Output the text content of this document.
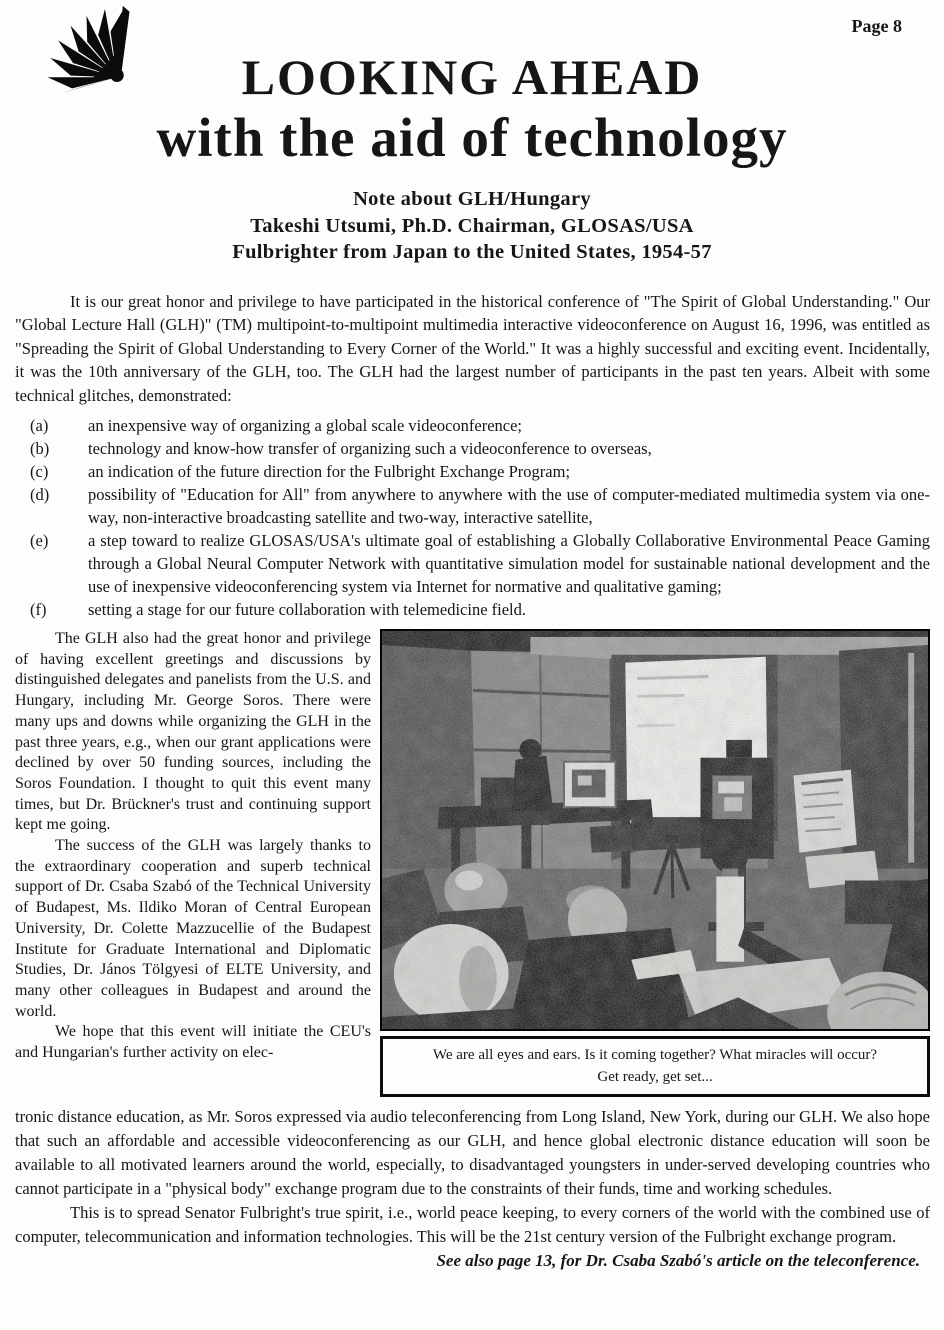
Page 8
LOOKING AHEAD
with the aid of technology
Note about GLH/Hungary
Takeshi Utsumi, Ph.D. Chairman, GLOSAS/USA
Fulbrighter from Japan to the United States, 1954-57

It is our great honor and privilege to have participated in the historical conference of "The Spirit of Global Understanding." Our "Global Lecture Hall (GLH)" (TM) multipoint-to-multipoint multimedia interactive videoconference on August 16, 1996, was entitled as "Spreading the Spirit of Global Understanding to Every Corner of the World." It was a highly successful and exciting event. Incidentally, it was the 10th anniversary of the GLH, too. The GLH had the largest number of participants in the past ten years. Albeit with some technical glitches, demonstrated:

(a)	an inexpensive way of organizing a global scale videoconference;
(b)	technology and know-how transfer of organizing such a videoconference to overseas,
(c)	an indication of the future direction for the Fulbright Exchange Program;
(d)	possibility of "Education for All" from anywhere to anywhere with the use of computer-mediated multimedia system via one-way, non-interactive broadcasting satellite and two-way, interactive satellite,
(e)	a step toward to realize GLOSAS/USA's ultimate goal of establishing a Globally Collaborative Environmental Peace Gaming through a Global Neural Computer Network with quantitative simulation model for sustainable national development and the use of inexpensive videoconferencing system via Internet for normative and qualitative gaming;
(f)	setting a stage for our future collaboration with telemedicine field.

The GLH also had the great honor and privilege of having excellent greetings and discussions by distinguished delegates and panelists from the U.S. and Hungary, including Mr. George Soros. There were many ups and downs while organizing the GLH in the past three years, e.g., when our grant applications were declined by over 50 funding sources, including the Soros Foundation. I thought to quit this event many times, but Dr. Brückner's trust and continuing support kept me going.

The success of the GLH was largely thanks to the extraordinary cooperation and superb technical support of Dr. Csaba Szabó of the Technical University of Budapest, Ms. Ildiko Moran of Central European University, Dr. Colette Mazzucellie of the Budapest Institute for Graduate International and Diplomatic Studies, Dr. János Tölgyesi of ELTE University, and many other colleagues in Budapest and around the world.

We hope that this event will initiate the CEU's and Hungarian's further activity on elec-	We are all eyes and ears. Is it coming together? What miracles will occur?
Get ready, get set...

tronic distance education, as Mr. Soros expressed via audio teleconferencing from Long Island, New York, during our GLH. We also hope that such an affordable and accessible videoconferencing as our GLH, and hence global electronic distance education will soon be available to all motivated learners around the world, especially, to disadvantaged youngsters in under-served developing countries who cannot participate in a "physical body" exchange program due to the constraints of their funds, time and working schedules.

This is to spread Senator Fulbright's true spirit, i.e., world peace keeping, to every corners of the world with the combined use of computer, telecommunication and information technologies. This will be the 21st century version of the Fulbright exchange program.

See also page 13, for Dr. Csaba Szabó's article on the teleconference.
